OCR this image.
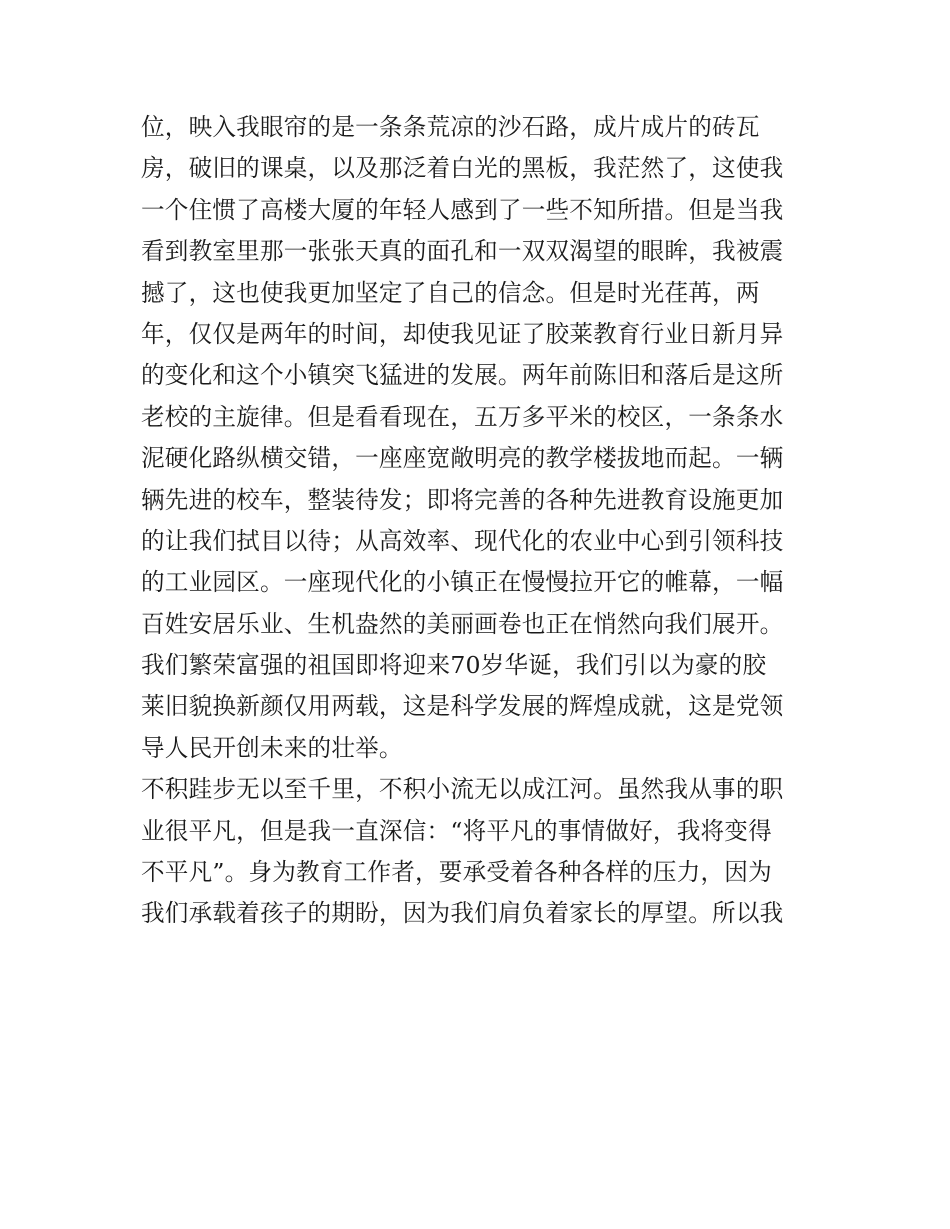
位，映入我眼帘的是一条条荒凉的沙石路，成片成片的砖瓦
房，破旧的课桌，以及那泛着白光的黑板，我茫然了，这使我
一个住惯了高楼大厦的年轻人感到了一些不知所措。但是当我
看到教室里那一张张天真的面孔和一双双渴望的眼眸，我被震
撼了，这也使我更加坚定了自己的信念。但是时光荏苒，两
年，仅仅是两年的时间，却使我见证了胶莱教育行业日新月异
的变化和这个小镇突飞猛进的发展。两年前陈旧和落后是这所
老校的主旋律。但是看看现在，五万多平米的校区，一条条水
泥硬化路纵横交错，一座座宽敞明亮的教学楼拔地而起。一辆
辆先进的校车，整装待发；即将完善的各种先进教育设施更加
的让我们拭目以待；从高效率、现代化的农业中心到引领科技
的工业园区。一座现代化的小镇正在慢慢拉开它的帷幕，一幅
百姓安居乐业、生机盎然的美丽画卷也正在悄然向我们展开。
我们繁荣富强的祖国即将迎来70岁华诞，我们引以为豪的胶
莱旧貌换新颜仅用两载，这是科学发展的辉煌成就，这是党领
导人民开创未来的壮举。
不积跬步无以至千里，不积小流无以成江河。虽然我从事的职
业很平凡，但是我一直深信：“将平凡的事情做好，我将变得
不平凡”。身为教育工作者，要承受着各种各样的压力，因为
我们承载着孩子的期盼，因为我们肩负着家长的厚望。所以我
